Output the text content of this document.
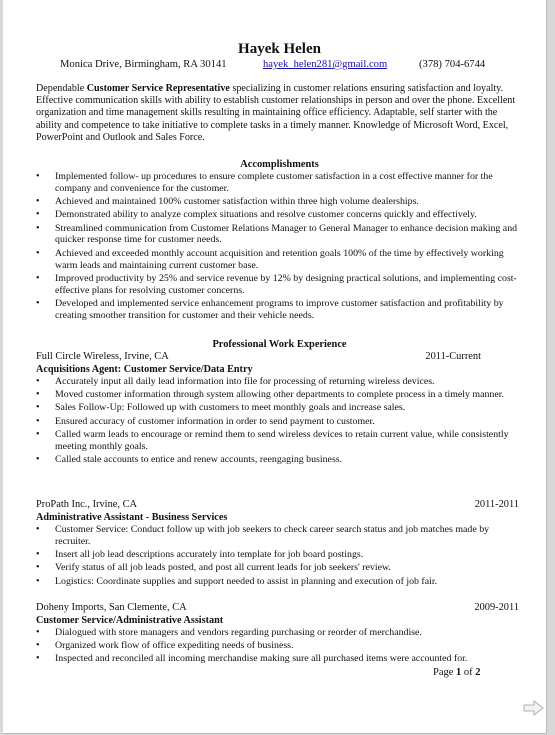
Hayek Helen
Monica Drive, Birmingham, RA 30141	hayek_helen281@gmail.com	(378) 704-6744
Dependable Customer Service Representative specializing in customer relations ensuring satisfaction and loyalty. Effective communication skills with ability to establish customer relationships in person and over the phone. Excellent organization and time management skills resulting in maintaining office efficiency. Adaptable, self starter with the ability and competence to take initiative to complete tasks in a timely manner. Knowledge of Microsoft Word, Excel, PowerPoint and Outlook and Sales Force.
Accomplishments
• Implemented follow- up procedures to ensure complete customer satisfaction in a cost effective manner for the company and convenience for the customer.
• Achieved and maintained 100% customer satisfaction within three high volume dealerships.
• Demonstrated ability to analyze complex situations and resolve customer concerns quickly and effectively.
• Streamlined communication from Customer Relations Manager to General Manager to enhance decision making and quicker response time for customer needs.
• Achieved and exceeded monthly account acquisition and retention goals 100% of the time by effectively working warm leads and maintaining current customer base.
• Improved productivity by 25% and service revenue by 12% by designing practical solutions, and implementing cost-effective plans for resolving customer concerns.
• Developed and implemented service enhancement programs to improve customer satisfaction and profitability by creating smoother transition for customer and their vehicle needs.
Professional Work Experience
Full Circle Wireless, Irvine, CA	2011-Current
Acquisitions Agent: Customer Service/Data Entry
• Accurately input all daily lead information into file for processing of returning wireless devices.
• Moved customer information through system allowing other departments to complete process in a timely manner.
• Sales Follow-Up: Followed up with customers to meet monthly goals and increase sales.
• Ensured accuracy of customer information in order to send payment to customer.
• Called warm leads to encourage or remind them to send wireless devices to retain current value, while consistently meeting monthly goals.
• Called stale accounts to entice and renew accounts, reengaging business.
ProPath Inc., Irvine, CA	2011-2011
Administrative Assistant - Business Services
• Customer Service: Conduct follow up with job seekers to check career search status and job matches made by recruiter.
• Insert all job lead descriptions accurately into template for job board postings.
• Verify status of all job leads posted, and post all current leads for job seekers' review.
• Logistics: Coordinate supplies and support needed to assist in planning and execution of job fair.
Doheny Imports, San Clemente, CA	2009-2011
Customer Service/Administrative Assistant
• Dialogued with store managers and vendors regarding purchasing or reorder of merchandise.
• Organized work flow of office expediting needs of business.
• Inspected and reconciled all incoming merchandise making sure all purchased items were accounted for.
Page 1 of 2
